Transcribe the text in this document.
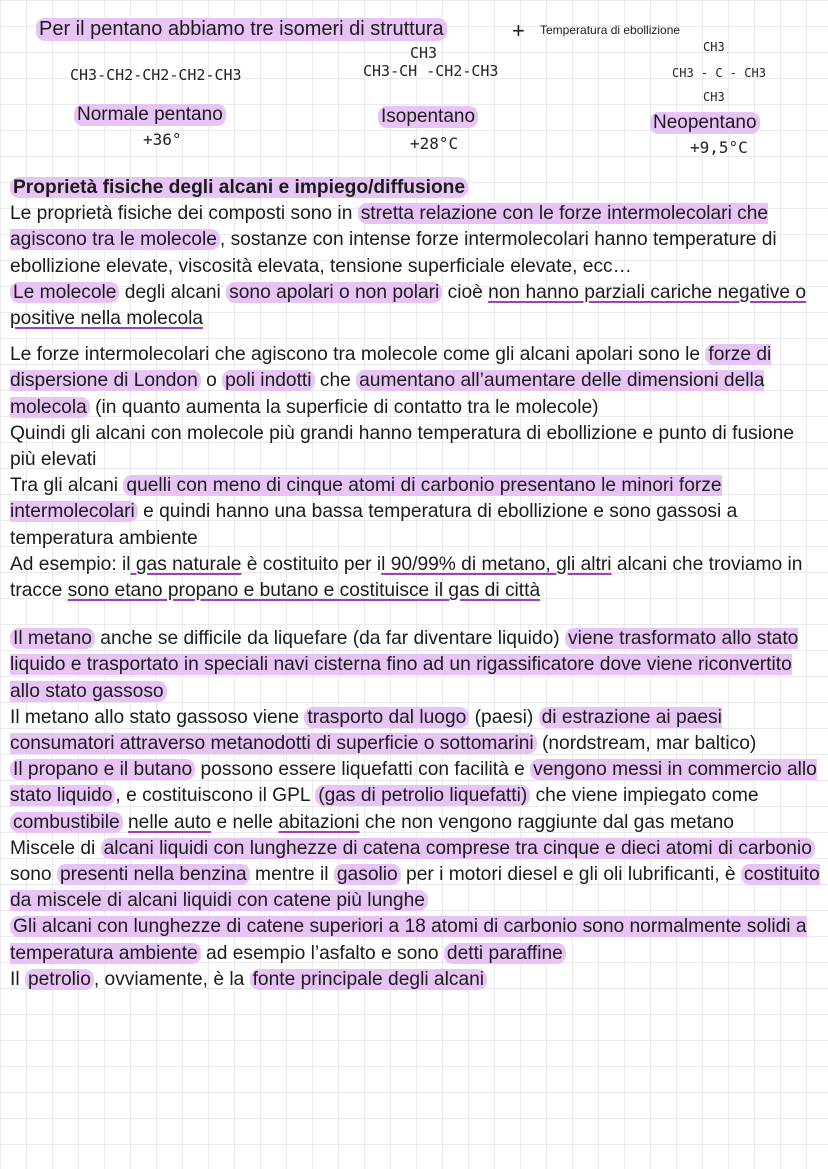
Per il pentano abbiamo tre isomeri di struttura	+ Temperatura di ebollizione
CH3-CH2-CH2-CH2-CH3
Normale pentano
+36°
CH3
CH3-CH -CH2-CH3
Isopentano
+28°C
CH3
CH3 - C - CH3
CH3
Neopentano
+9,5°C

Proprietà fisiche degli alcani e impiego/diffusione

Le proprietà fisiche dei composti sono in stretta relazione con le forze intermolecolari che agiscono tra le molecole , sostanze con intense forze intermolecolari hanno temperature di ebollizione elevate, viscosità elevata, tensione superficiale elevate, ecc…

Le molecole degli alcani sono apolari o non polari cioè non hanno parziali cariche negative o positive nella molecola

Le forze intermolecolari che agiscono tra molecole come gli alcani apolari sono le forze di dispersione di London o poli indotti che aumentano all’aumentare delle dimensioni della molecola (in quanto aumenta la superficie di contatto tra le molecole)

Quindi gli alcani con molecole più grandi hanno temperatura di ebollizione e punto di fusione più elevati

Tra gli alcani quelli con meno di cinque atomi di carbonio presentano le minori forze intermolecolari e quindi hanno una bassa temperatura di ebollizione e sono gassosi a temperatura ambiente

Ad esempio: il gas naturale è costituito per il 90/99% di metano, gli altri alcani che troviamo in tracce sono etano propano e butano e costituisce il gas di città

Il metano anche se difficile da liquefare (da far diventare liquido) viene trasformato allo stato liquido e trasportato in speciali navi cisterna fino ad un rigassificatore dove viene riconvertito allo stato gassoso

Il metano allo stato gassoso viene trasporto dal luogo (paesi) di estrazione ai paesi consumatori attraverso metanodotti di superficie o sottomarini (nordstream, mar baltico)

Il propano e il butano possono essere liquefatti con facilità e vengono messi in commercio allo stato liquido , e costituiscono il GPL (gas di petrolio liquefatti) che viene impiegato come combustibile nelle auto e nelle abitazioni che non vengono raggiunte dal gas metano

Miscele di alcani liquidi con lunghezze di catena comprese tra cinque e dieci atomi di carbonio sono presenti nella benzina mentre il gasolio per i motori diesel e gli oli lubrificanti, è costituito da miscele di alcani liquidi con catene più lunghe

Gli alcani con lunghezze di catene superiori a 18 atomi di carbonio sono normalmente solidi a temperatura ambiente ad esempio l’asfalto e sono detti paraffine

Il petrolio , ovviamente, è la fonte principale degli alcani
